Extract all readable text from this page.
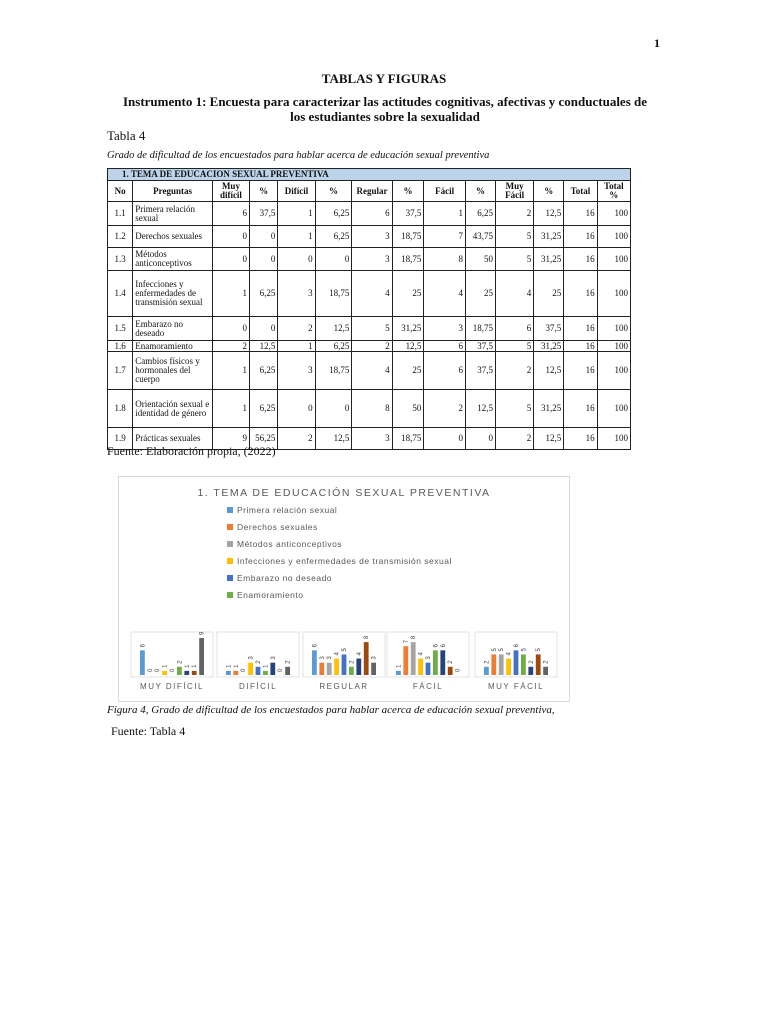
1
TABLAS Y FIGURAS
Instrumento 1: Encuesta para caracterizar las actitudes cognitivas, afectivas y conductuales de los estudiantes sobre la sexualidad
Tabla 4
Grado de dificultad de los encuestados para hablar acerca de educación sexual preventiva
1. TEMA DE EDUCACION SEXUAL PREVENTIVA													
No	Preguntas	Muy difícil	%	Difícil	%	Regular	%	Fácil	%	Muy Fácil	%	Total	Total %
1.1	Primera relación sexual	6	37,5	1	6,25	6	37,5	1	6,25	2	12,5	16	100
1.2	Derechos sexuales	0	0	1	6,25	3	18,75	7	43,75	5	31,25	16	100
1.3	Métodos anticonceptivos	0	0	0	0	3	18,75	8	50	5	31,25	16	100
1.4	Infecciones y enfermedades de transmisión sexual	1	6,25	3	18,75	4	25	4	25	4	25	16	100
1.5	Embarazo no deseado	0	0	2	12,5	5	31,25	3	18,75	6	37,5	16	100
1.6	Enamoramiento	2	12,5	1	6,25	2	12,5	6	37,5	5	31,25	16	100
1.7	Cambios físicos y hormonales del cuerpo	1	6,25	3	18,75	4	25	6	37,5	2	12,5	16	100
1.8	Orientación sexual e identidad de género	1	6,25	0	0	8	50	2	12,5	5	31,25	16	100
1.9	Prácticas sexuales	9	56,25	2	12,5	3	18,75	0	0	2	12,5	16	100
Fuente: Elaboración propia, (2022)
1. TEMA DE EDUCACIÓN SEXUAL PREVENTIVA
Primera relación sexual
Derechos sexuales
Métodos anticonceptivos
Infecciones y enfermedades de transmisión sexual
Embarazo no deseado
Enamoramiento
6
0 0
1
0
2
1 1
9
MUY DIFÍCIL
1 1
0
3
2
1
3
0
2
DIFÍCIL
6
3 3
4
5
2
4
8
3
REGULAR
1
7
8
4
3
6 6
2
0
FÁCIL
2
5 5
4
6
5
2
5
2
MUY FÁCIL
Figura 4, Grado de dificultad de los encuestados para hablar acerca de educación sexual preventiva,
Fuente: Tabla 4
